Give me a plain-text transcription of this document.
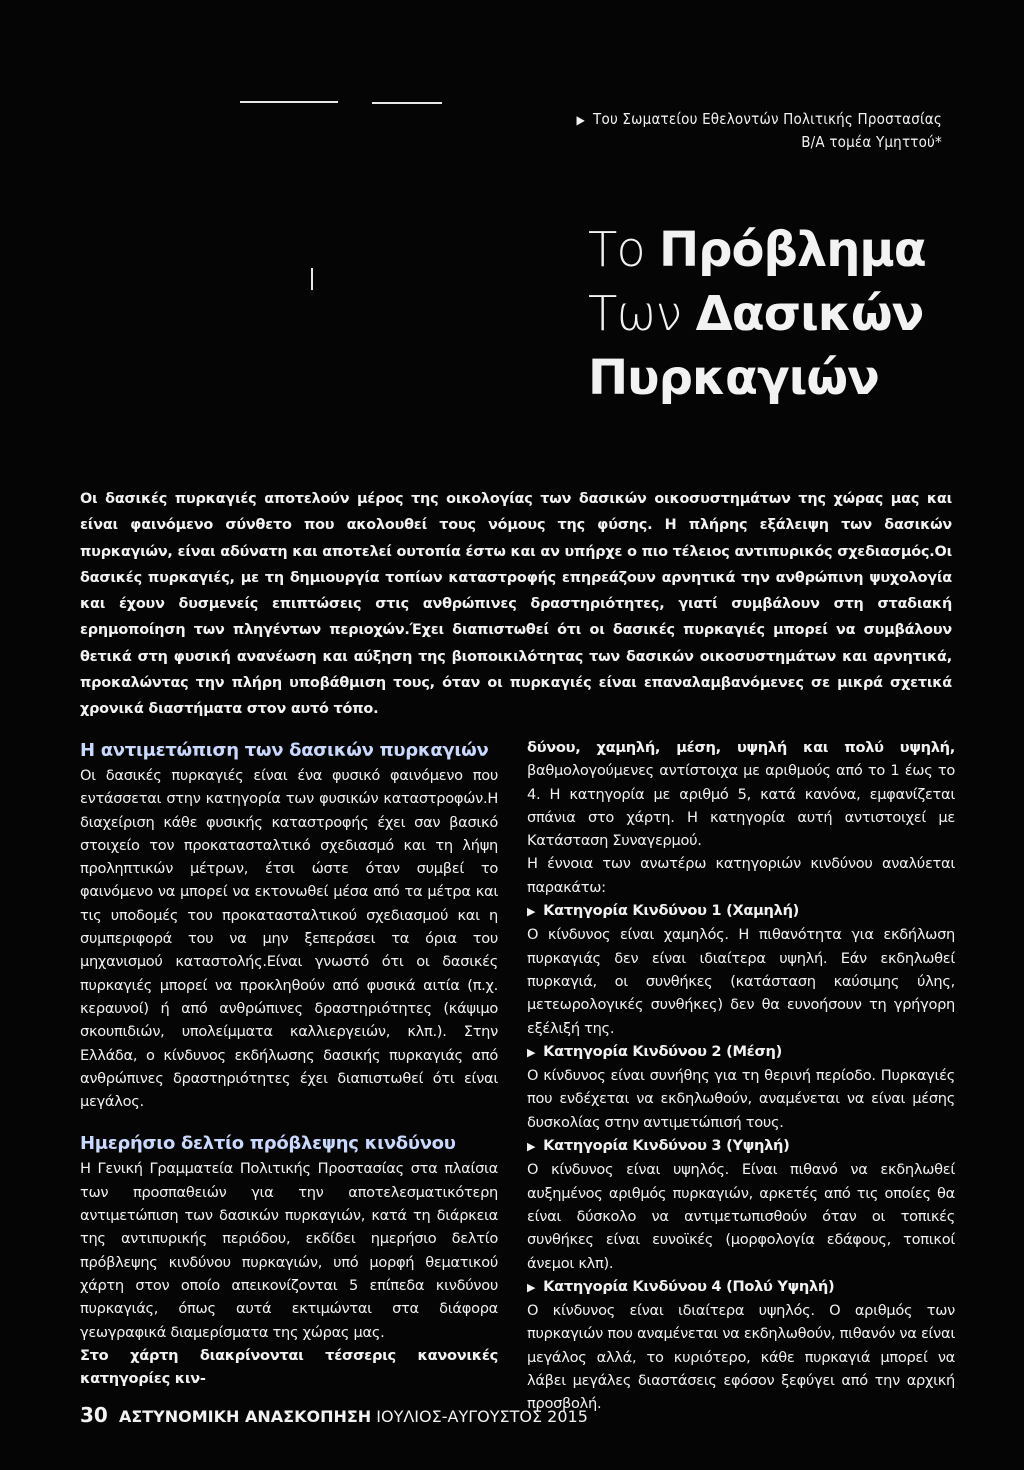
▶ Του Σωματείου Εθελοντών Πολιτικής Προστασίας
Β/Α τομέα Υμηττού*
Το Πρόβλημα
Των Δασικών
Πυρκαγιών

Οι δασικές πυρκαγιές αποτελούν μέρος της οικολογίας των δασικών οικοσυστημάτων της χώρας μας και είναι φαινόμενο σύνθετο που ακολουθεί τους νόμους της φύσης. Η πλήρης εξάλειψη των δασικών πυρκαγιών, είναι αδύνατη και αποτελεί ουτοπία έστω και αν υπήρχε ο πιο τέλειος αντιπυρικός σχεδιασμός.Οι δασικές πυρκαγιές, με τη δημιουργία τοπίων καταστροφής επηρεάζουν αρνητικά την ανθρώπινη ψυχολογία και έχουν δυσμενείς επιπτώσεις στις ανθρώπινες δραστηριότητες, γιατί συμβάλουν στη σταδιακή ερημοποίηση των πληγέντων περιοχών.Έχει διαπιστωθεί ότι οι δασικές πυρκαγιές μπορεί να συμβάλουν θετικά στη φυσική ανανέωση και αύξηση της βιοποικιλότητας των δασικών οικοσυστημάτων και αρνητικά, προκαλώντας την πλήρη υποβάθμιση τους, όταν οι πυρκαγιές είναι επαναλαμβανόμενες σε μικρά σχετικά χρονικά διαστήματα στον αυτό τόπο.

Η αντιμετώπιση των δασικών πυρκαγιών

Οι δασικές πυρκαγιές είναι ένα φυσικό φαινόμενο που εντάσσεται στην κατηγορία των φυσικών καταστροφών.Η διαχείριση κάθε φυσικής καταστροφής έχει σαν βασικό στοιχείο τον προκατασταλτικό σχεδιασμό και τη λήψη προληπτικών μέτρων, έτσι ώστε όταν συμβεί το φαινόμενο να μπορεί να εκτονωθεί μέσα από τα μέτρα και τις υποδομές του προκατασταλτικού σχεδιασμού και η συμπεριφορά του να μην ξεπεράσει τα όρια του μηχανισμού καταστολής.Είναι γνωστό ότι οι δασικές πυρκαγιές μπορεί να προκληθούν από φυσικά αιτία (π.χ. κεραυνοί) ή από ανθρώπινες δραστηριότητες (κάψιμο σκουπιδιών, υπολείμματα καλλιεργειών, κλπ.). Στην Ελλάδα, ο κίνδυνος εκδήλωσης δασικής πυρκαγιάς από ανθρώπινες δραστηριότητες έχει διαπιστωθεί ότι είναι μεγάλος.

Ημερήσιο δελτίο πρόβλεψης κινδύνου

Η Γενική Γραμματεία Πολιτικής Προστασίας στα πλαίσια των προσπαθειών για την αποτελεσματικότερη αντιμετώπιση των δασικών πυρκαγιών, κατά τη διάρκεια της αντιπυρικής περιόδου, εκδίδει ημερήσιο δελτίο πρόβλεψης κινδύνου πυρκαγιών, υπό μορφή θεματικού χάρτη στον οποίο απεικονίζονται 5 επίπεδα κινδύνου πυρκαγιάς, όπως αυτά εκτιμώνται στα διάφορα γεωγραφικά διαμερίσματα της χώρας μας.

Στο χάρτη διακρίνονται τέσσερις κανονικές κατηγορίες κιν-

δύνου, χαμηλή, μέση, υψηλή και πολύ υψηλή, βαθμολογούμενες αντίστοιχα με αριθμούς από το 1 έως το 4. Η κατηγορία με αριθμό 5, κατά κανόνα, εμφανίζεται σπάνια στο χάρτη. Η κατηγορία αυτή αντιστοιχεί με Κατάσταση Συναγερμού.

Η έννοια των ανωτέρω κατηγοριών κινδύνου αναλύεται παρακάτω:

▶ Κατηγορία Κινδύνου 1 (Χαμηλή)

Ο κίνδυνος είναι χαμηλός. Η πιθανότητα για εκδήλωση πυρκαγιάς δεν είναι ιδιαίτερα υψηλή. Εάν εκδηλωθεί πυρκαγιά, οι συνθήκες (κατάσταση καύσιμης ύλης, μετεωρολογικές συνθήκες) δεν θα ευνοήσουν τη γρήγορη εξέλιξή της.

▶ Κατηγορία Κινδύνου 2 (Μέση)

Ο κίνδυνος είναι συνήθης για τη θερινή περίοδο. Πυρκαγιές που ενδέχεται να εκδηλωθούν, αναμένεται να είναι μέσης δυσκολίας στην αντιμετώπισή τους.

▶ Κατηγορία Κινδύνου 3 (Υψηλή)

Ο κίνδυνος είναι υψηλός. Είναι πιθανό να εκδηλωθεί αυξημένος αριθμός πυρκαγιών, αρκετές από τις οποίες θα είναι δύσκολο να αντιμετωπισθούν όταν οι τοπικές συνθήκες είναι ευνοϊκές (μορφολογία εδάφους, τοπικοί άνεμοι κλπ).

▶ Κατηγορία Κινδύνου 4 (Πολύ Υψηλή)

Ο κίνδυνος είναι ιδιαίτερα υψηλός. Ο αριθμός των πυρκαγιών που αναμένεται να εκδηλωθούν, πιθανόν να είναι μεγάλος αλλά, το κυριότερο, κάθε πυρκαγιά μπορεί να λάβει μεγάλες διαστάσεις εφόσον ξεφύγει από την αρχική προσβολή.

30 ΑΣΤΥΝΟΜΙΚΗ ΑΝΑΣΚΟΠΗΣΗ ΙΟΥΛΙΟΣ-ΑΥΓΟΥΣΤΟΣ 2015
